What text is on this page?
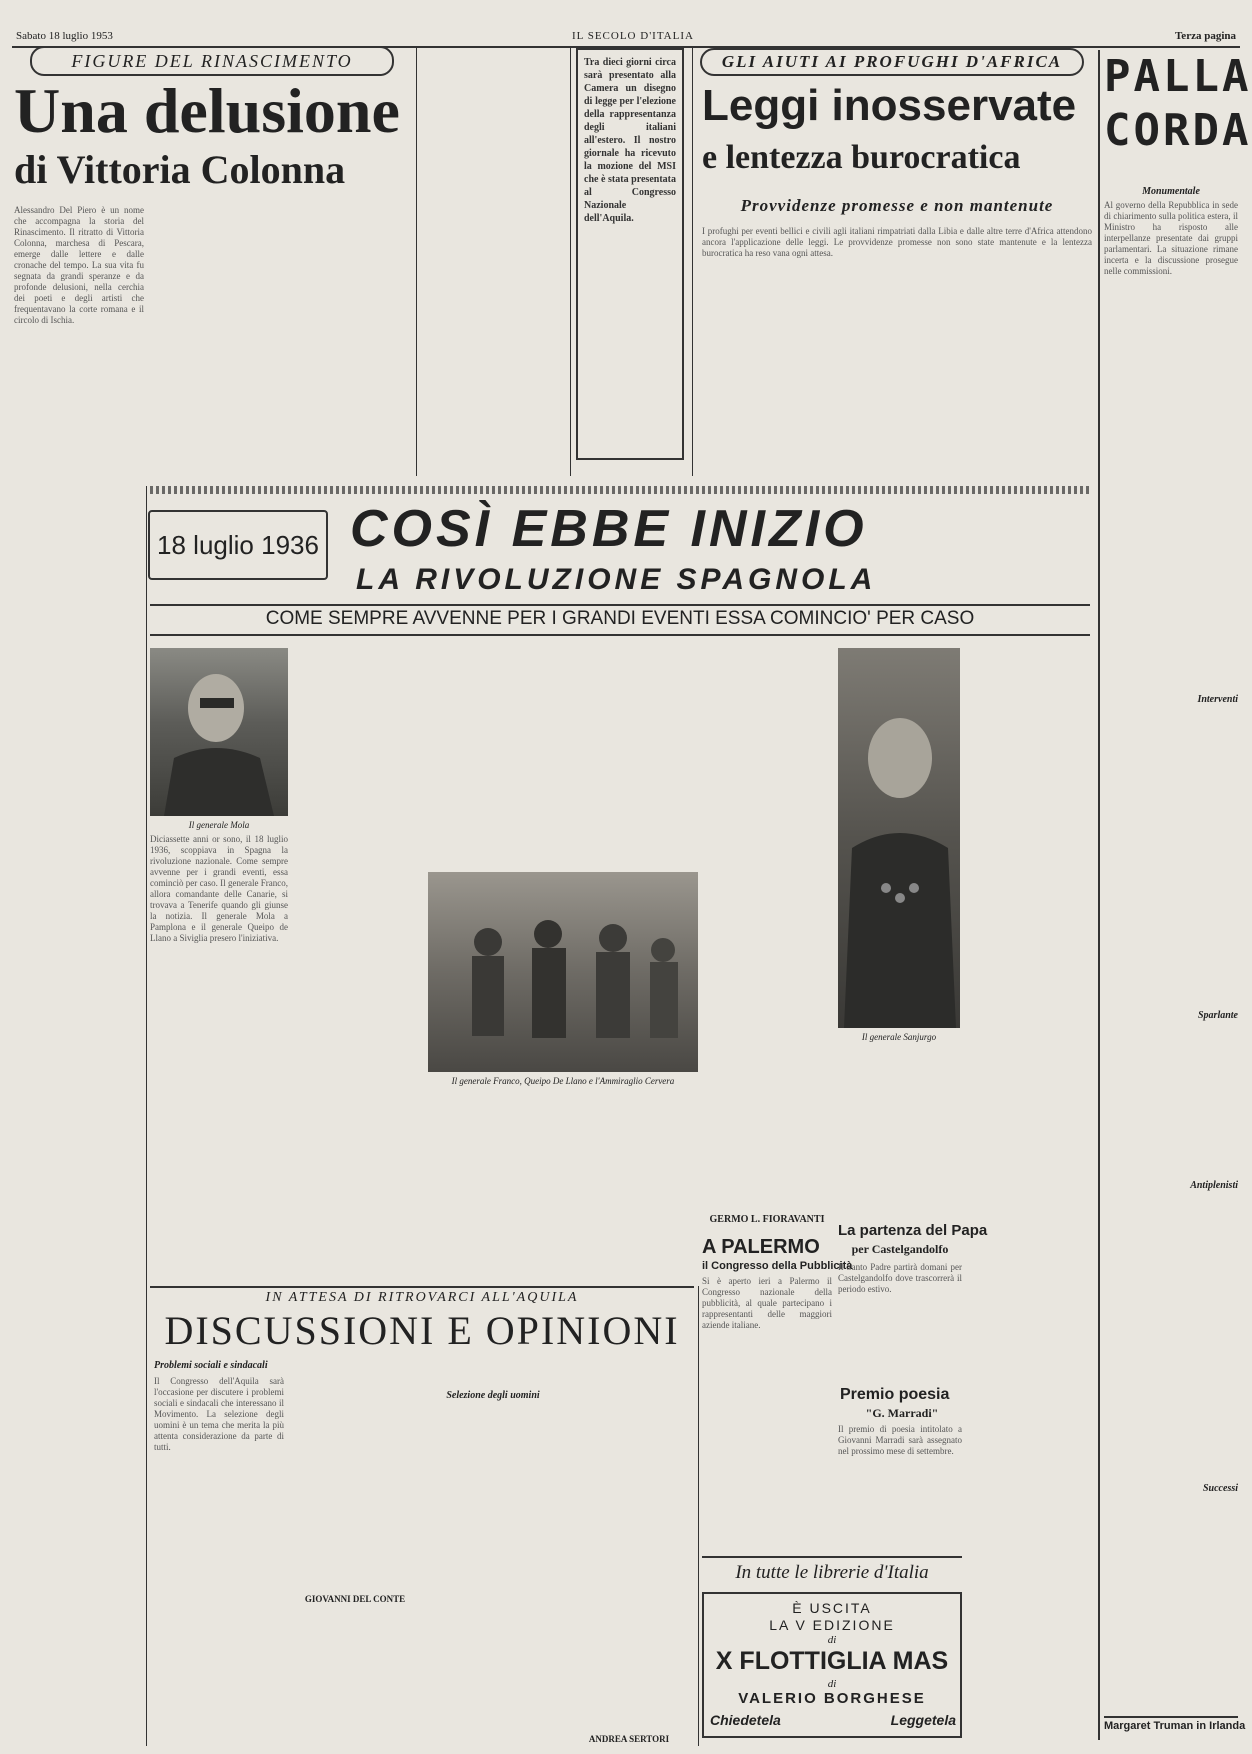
Sabato 18 luglio 1953	IL SECOLO D'ITALIA	Terza pagina
FIGURE DEL RINASCIMENTO
Una delusione
di Vittoria Colonna
Alessandro Del Piero è un nome che accompagna la storia del Rinascimento. Il ritratto di Vittoria Colonna, marchesa di Pescara, emerge dalle lettere e dalle cronache del tempo. La sua vita fu segnata da grandi speranze e da profonde delusioni, nella cerchia dei poeti e degli artisti che frequentavano la corte romana e il circolo di Ischia.
Tra dieci giorni circa sarà presentato alla Camera un disegno di legge per l'elezione della rappresentanza degli italiani all'estero. Il nostro giornale ha ricevuto la mozione del MSI che è stata presentata al Congresso Nazionale dell'Aquila.
GLI AIUTI AI PROFUGHI D'AFRICA
Leggi inosservate
e lentezza burocratica
Provvidenze promesse e non mantenute
I profughi per eventi bellici e civili agli italiani rimpatriati dalla Libia e dalle altre terre d'Africa attendono ancora l'applicazione delle leggi. Le provvidenze promesse non sono state mantenute e la lentezza burocratica ha reso vana ogni attesa.
PALLA
CORDA
Monumentale
Al governo della Repubblica in sede di chiarimento sulla politica estera, il Ministro ha risposto alle interpellanze presentate dai gruppi parlamentari. La situazione rimane incerta e la discussione prosegue nelle commissioni.
Interventi
Sparlante
Antiplenisti
Successi
Margaret Truman in Irlanda
18 luglio 1936 COSÌ EBBE INIZIO
LA RIVOLUZIONE SPAGNOLA
COME SEMPRE AVVENNE PER I GRANDI EVENTI ESSA COMINCIO' PER CASO
Il generale Mola
Diciassette anni or sono, il 18 luglio 1936, scoppiava in Spagna la rivoluzione nazionale. Come sempre avvenne per i grandi eventi, essa cominciò per caso. Il generale Franco, allora comandante delle Canarie, si trovava a Tenerife quando gli giunse la notizia. Il generale Mola a Pamplona e il generale Queipo de Llano a Siviglia presero l'iniziativa.
Il generale Franco, Queipo De Llano e l'Ammiraglio Cervera
Il generale Sanjurgo
GERMO L. FIORAVANTI
La partenza del Papa
per Castelgandolfo
Il Santo Padre partirà domani per Castelgandolfo dove trascorrerà il periodo estivo.
A PALERMO
il Congresso della Pubblicità
Si è aperto ieri a Palermo il Congresso nazionale della pubblicità, al quale partecipano i rappresentanti delle maggiori aziende italiane.
Premio poesia
"G. Marradi"
Il premio di poesia intitolato a Giovanni Marradi sarà assegnato nel prossimo mese di settembre.
IN ATTESA DI RITROVARCI ALL'AQUILA
DISCUSSIONI E OPINIONI
Problemi sociali e sindacali
Il Congresso dell'Aquila sarà l'occasione per discutere i problemi sociali e sindacali che interessano il Movimento. La selezione degli uomini è un tema che merita la più attenta considerazione da parte di tutti.
GIOVANNI DEL CONTE
Selezione degli uomini
ANDREA SERTORI
In tutte le librerie d'Italia
È USCITA
LA V EDIZIONE
di
X FLOTTIGLIA MAS
di
VALERIO BORGHESE
Chiedetela	Leggetela
